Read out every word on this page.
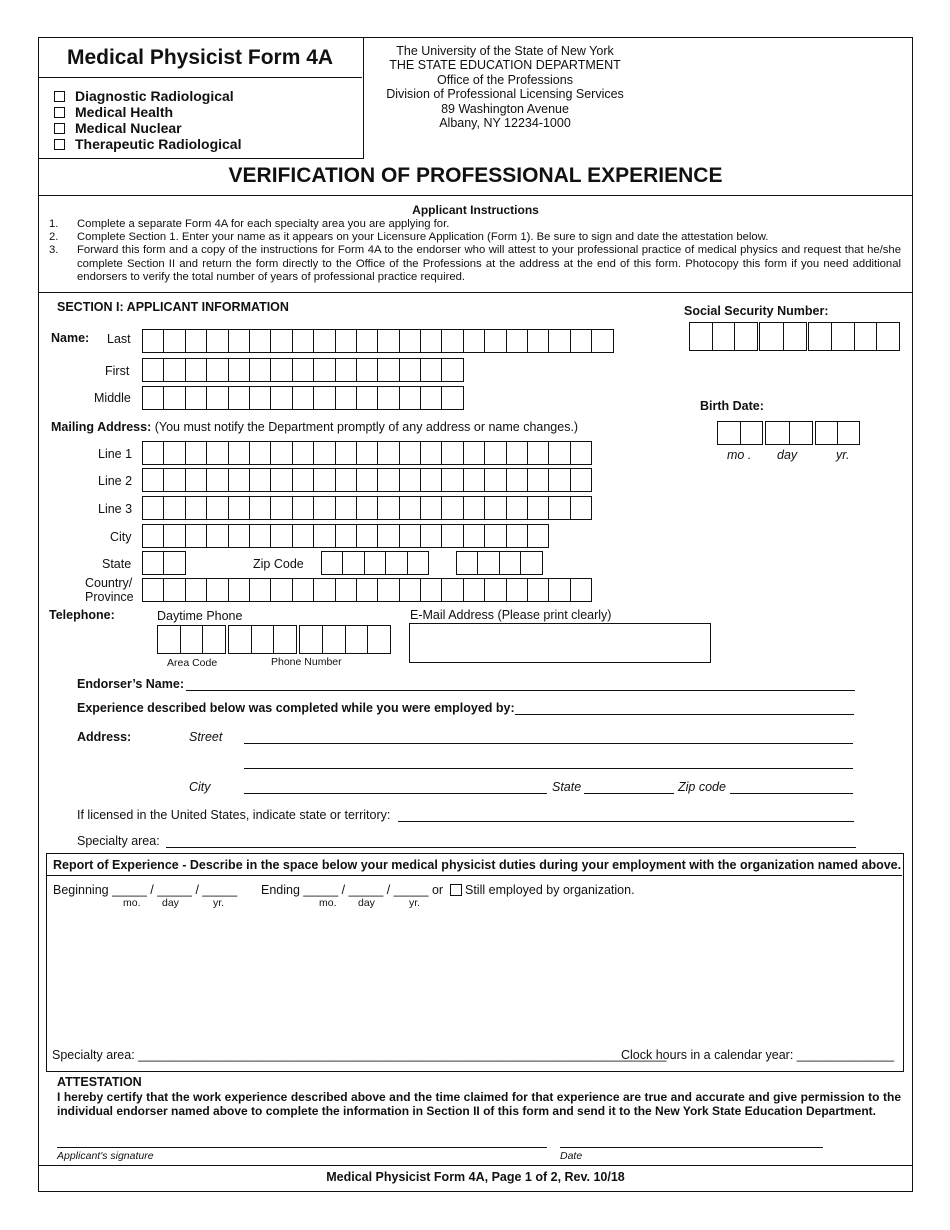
Medical Physicist Form 4A
Diagnostic Radiological
Medical Health
Medical Nuclear
Therapeutic Radiological
The University of the State of New York
THE STATE EDUCATION DEPARTMENT
Office of the Professions
Division of Professional Licensing Services
89 Washington Avenue
Albany, NY 12234-1000
VERIFICATION OF PROFESSIONAL EXPERIENCE
Applicant Instructions
1.	Complete a separate Form 4A for each specialty area you are applying for.
2.	Complete Section 1. Enter your name as it appears on your Licensure Application (Form 1). Be sure to sign and date the attestation below.
3.	Forward this form and a copy of the instructions for Form 4A to the endorser who will attest to your professional practice of medical physics and request that he/she complete Section II and return the form directly to the Office of the Professions at the address at the end of this form. Photocopy this form if you need additional endorsers to verify the total number of years of professional practice required.
SECTION I: APPLICANT INFORMATION	Social Security Number:
Name: Last
First
Middle
Birth Date:
mo . day	yr.
Mailing Address: (You must notify the Department promptly of any address or name changes.)
Line 1
Line 2
Line 3
City
State	Zip Code
Country/
Province
Telephone:	Daytime Phone	E-Mail Address (Please print clearly)
Area Code	Phone Number
Endorser’s Name:
Experience described below was completed while you were employed by:
Address:	Street
City	State	Zip code
If licensed in the United States, indicate state or territory:
Specialty area:
Report of Experience - Describe in the space below your medical physicist duties during your employment with the organization named above.
Beginning _____ / _____ / _____ Ending _____ / _____ / _____ or Still employed by organization.
mo. day	yr.	mo. day	yr.
Specialty area: ____________________________________________________________________________
Clock hours in a calendar year: ______________
ATTESTATION
I hereby certify that the work experience described above and the time claimed for that experience are true and accurate and give permission to the individual endorser named above to complete the information in Section II of this form and send it to the New York State Education Department.
Applicant's signature	Date
Medical Physicist Form 4A, Page 1 of 2, Rev. 10/18
